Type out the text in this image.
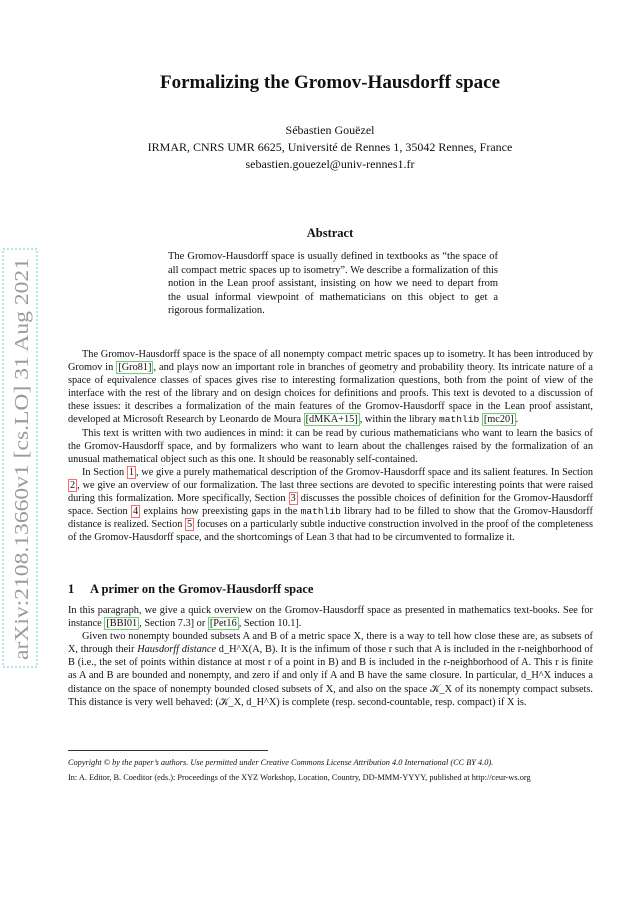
arXiv:2108.13660v1 [cs.LO] 31 Aug 2021
Formalizing the Gromov-Hausdorff space
Sébastien Gouëzel
IRMAR, CNRS UMR 6625, Université de Rennes 1, 35042 Rennes, France
sebastien.gouezel@univ-rennes1.fr
Abstract
The Gromov-Hausdorff space is usually defined in textbooks as “the space of all compact metric spaces up to isometry”. We describe a formalization of this notion in the Lean proof assistant, insisting on how we need to depart from the usual informal viewpoint of mathematicians on this object to get a rigorous formalization.

The Gromov-Hausdorff space is the space of all nonempty compact metric spaces up to isometry. It has been introduced by Gromov in [Gro81] , and plays now an important role in branches of geometry and probability theory. Its intricate nature of a space of equivalence classes of spaces gives rise to interesting formalization questions, both from the point of view of the interface with the rest of the library and on design choices for definitions and proofs. This text is devoted to a discussion of these issues: it describes a formalization of the main features of the Gromov-Hausdorff space in the Lean proof assistant, developed at Microsoft Research by Leonardo de Moura [dMKA+15] , within the library mathlib [mc20] .

This text is written with two audiences in mind: it can be read by curious mathematicians who want to learn the basics of the Gromov-Hausdorff space, and by formalizers who want to learn about the challenges raised by the formalization of an unusual mathematical object such as this one. It should be reasonably self-contained.

In Section 1 , we give a purely mathematical description of the Gromov-Hausdorff space and its salient features. In Section 2 , we give an overview of our formalization. The last three sections are devoted to specific interesting points that were raised during this formalization. More specifically, Section 3 discusses the possible choices of definition for the Gromov-Hausdorff space. Section 4 explains how preexisting gaps in the mathlib library had to be filled to show that the Gromov-Hausdorff distance is realized. Section 5 focuses on a particularly subtle inductive construction involved in the proof of the completeness of the Gromov-Hausdorff space, and the shortcomings of Lean 3 that had to be circumvented to formalize it.

1 A primer on the Gromov-Hausdorff space

In this paragraph, we give a quick overview on the Gromov-Hausdorff space as presented in mathematics text-books. See for instance [BBI01 , Section 7.3] or [Pet16 , Section 10.1].

Given two nonempty bounded subsets A and B of a metric space X, there is a way to tell how close these are, as subsets of X, through their Hausdorff distance d_H^X(A, B). It is the infimum of those r such that A is included in the r-neighborhood of B (i.e., the set of points within distance at most r of a point in B) and B is included in the r-neighborhood of A. This r is finite as A and B are bounded and nonempty, and zero if and only if A and B have the same closure. In particular, d_H^X induces a distance on the space of nonempty bounded closed subsets of X, and also on the space 𝒦_X of its nonempty compact subsets. This distance is very well behaved: (𝒦_X, d_H^X) is complete (resp. second-countable, resp. compact) if X is.

Copyright © by the paper’s authors. Use permitted under Creative Commons License Attribution 4.0 International (CC BY 4.0).

In: A. Editor, B. Coeditor (eds.): Proceedings of the XYZ Workshop, Location, Country, DD-MMM-YYYY, published at http://ceur-ws.org
